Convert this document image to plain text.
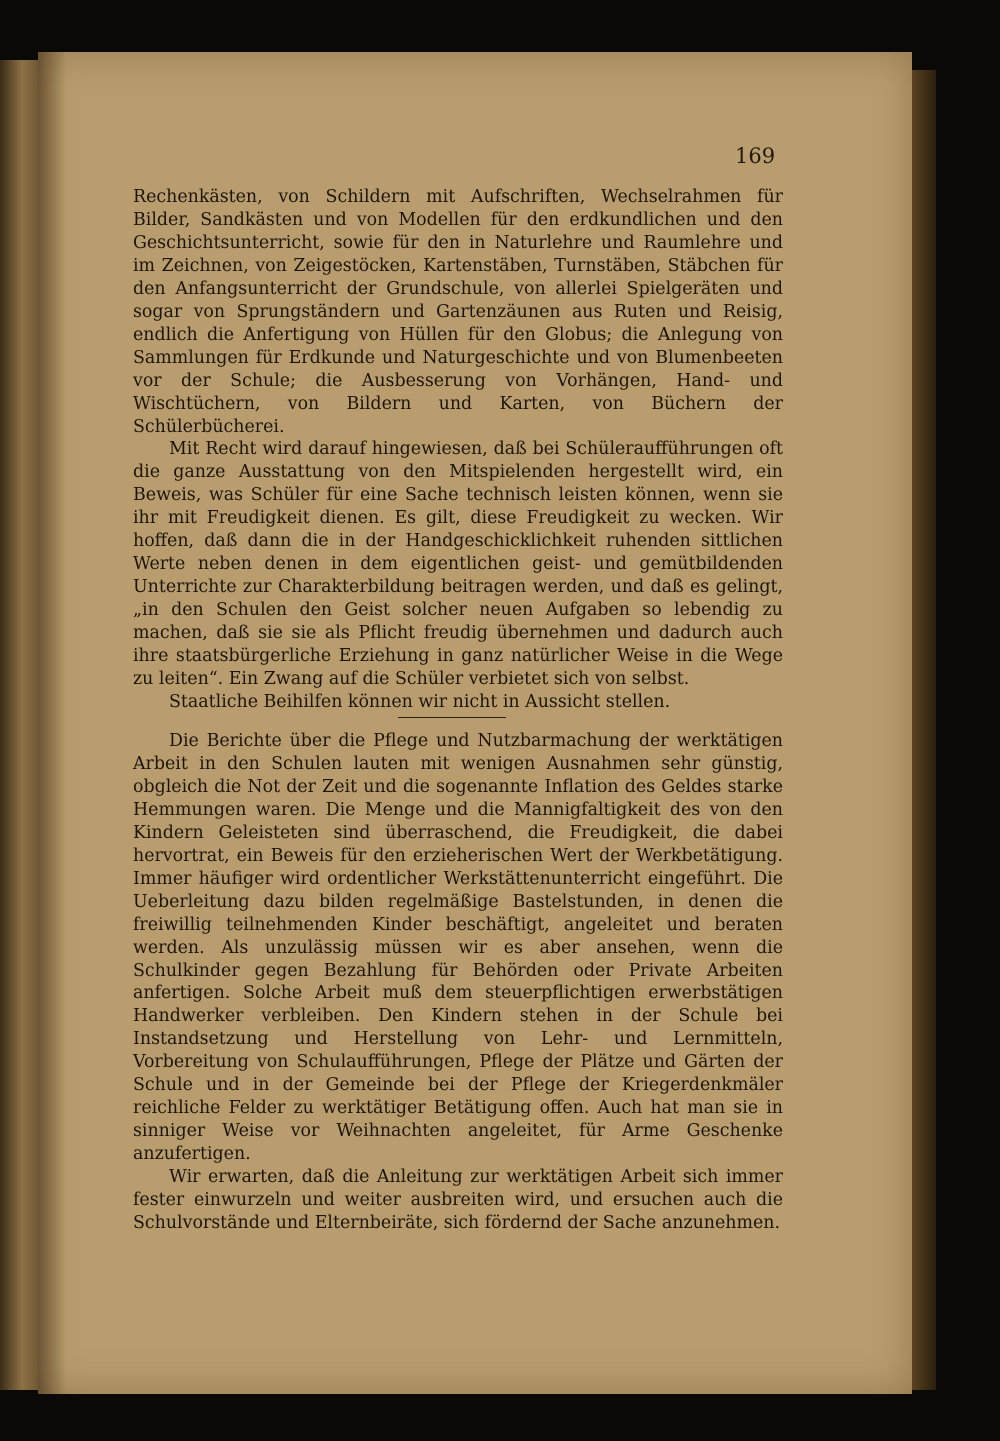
169

Rechenkästen, von Schildern mit Aufschriften, Wechselrahmen für Bilder, Sandkästen und von Modellen für den erdkundlichen und den Geschichtsunterricht, sowie für den in Naturlehre und Raumlehre und im Zeichnen, von Zeigestöcken, Kartenstäben, Turnstäben, Stäbchen für den Anfangsunterricht der Grundschule, von allerlei Spielgeräten und sogar von Sprungständern und Gartenzäunen aus Ruten und Reisig, endlich die Anfertigung von Hüllen für den Globus; die Anlegung von Sammlungen für Erdkunde und Naturgeschichte und von Blumenbeeten vor der Schule; die Ausbesserung von Vorhängen, Hand- und Wischtüchern, von Bildern und Karten, von Büchern der Schülerbücherei.

Mit Recht wird darauf hingewiesen, daß bei Schüleraufführungen oft die ganze Ausstattung von den Mitspielenden hergestellt wird, ein Beweis, was Schüler für eine Sache technisch leisten können, wenn sie ihr mit Freudigkeit dienen. Es gilt, diese Freudigkeit zu wecken. Wir hoffen, daß dann die in der Handgeschicklichkeit ruhenden sittlichen Werte neben denen in dem eigentlichen geist- und gemütbildenden Unterrichte zur Charakterbildung beitragen werden, und daß es gelingt, „in den Schulen den Geist solcher neuen Aufgaben so lebendig zu machen, daß sie sie als Pflicht freudig übernehmen und dadurch auch ihre staatsbürgerliche Erziehung in ganz natürlicher Weise in die Wege zu leiten“. Ein Zwang auf die Schüler verbietet sich von selbst.

Staatliche Beihilfen können wir nicht in Aussicht stellen.

Die Berichte über die Pflege und Nutzbarmachung der werktätigen Arbeit in den Schulen lauten mit wenigen Ausnahmen sehr günstig, obgleich die Not der Zeit und die sogenannte Inflation des Geldes starke Hemmungen waren. Die Menge und die Mannigfaltigkeit des von den Kindern Geleisteten sind überraschend, die Freudigkeit, die dabei hervortrat, ein Beweis für den erzieherischen Wert der Werkbetätigung. Immer häufiger wird ordentlicher Werkstättenunterricht eingeführt. Die Ueberleitung dazu bilden regelmäßige Bastelstunden, in denen die freiwillig teilnehmenden Kinder beschäftigt, angeleitet und beraten werden. Als unzulässig müssen wir es aber ansehen, wenn die Schulkinder gegen Bezahlung für Behörden oder Private Arbeiten anfertigen. Solche Arbeit muß dem steuerpflichtigen erwerbstätigen Handwerker verbleiben. Den Kindern stehen in der Schule bei Instandsetzung und Herstellung von Lehr- und Lernmitteln, Vorbereitung von Schulaufführungen, Pflege der Plätze und Gärten der Schule und in der Gemeinde bei der Pflege der Kriegerdenkmäler reichliche Felder zu werktätiger Betätigung offen. Auch hat man sie in sinniger Weise vor Weihnachten angeleitet, für Arme Geschenke anzufertigen.

Wir erwarten, daß die Anleitung zur werktätigen Arbeit sich immer fester einwurzeln und weiter ausbreiten wird, und ersuchen auch die Schulvorstände und Elternbeiräte, sich fördernd der Sache anzunehmen.
